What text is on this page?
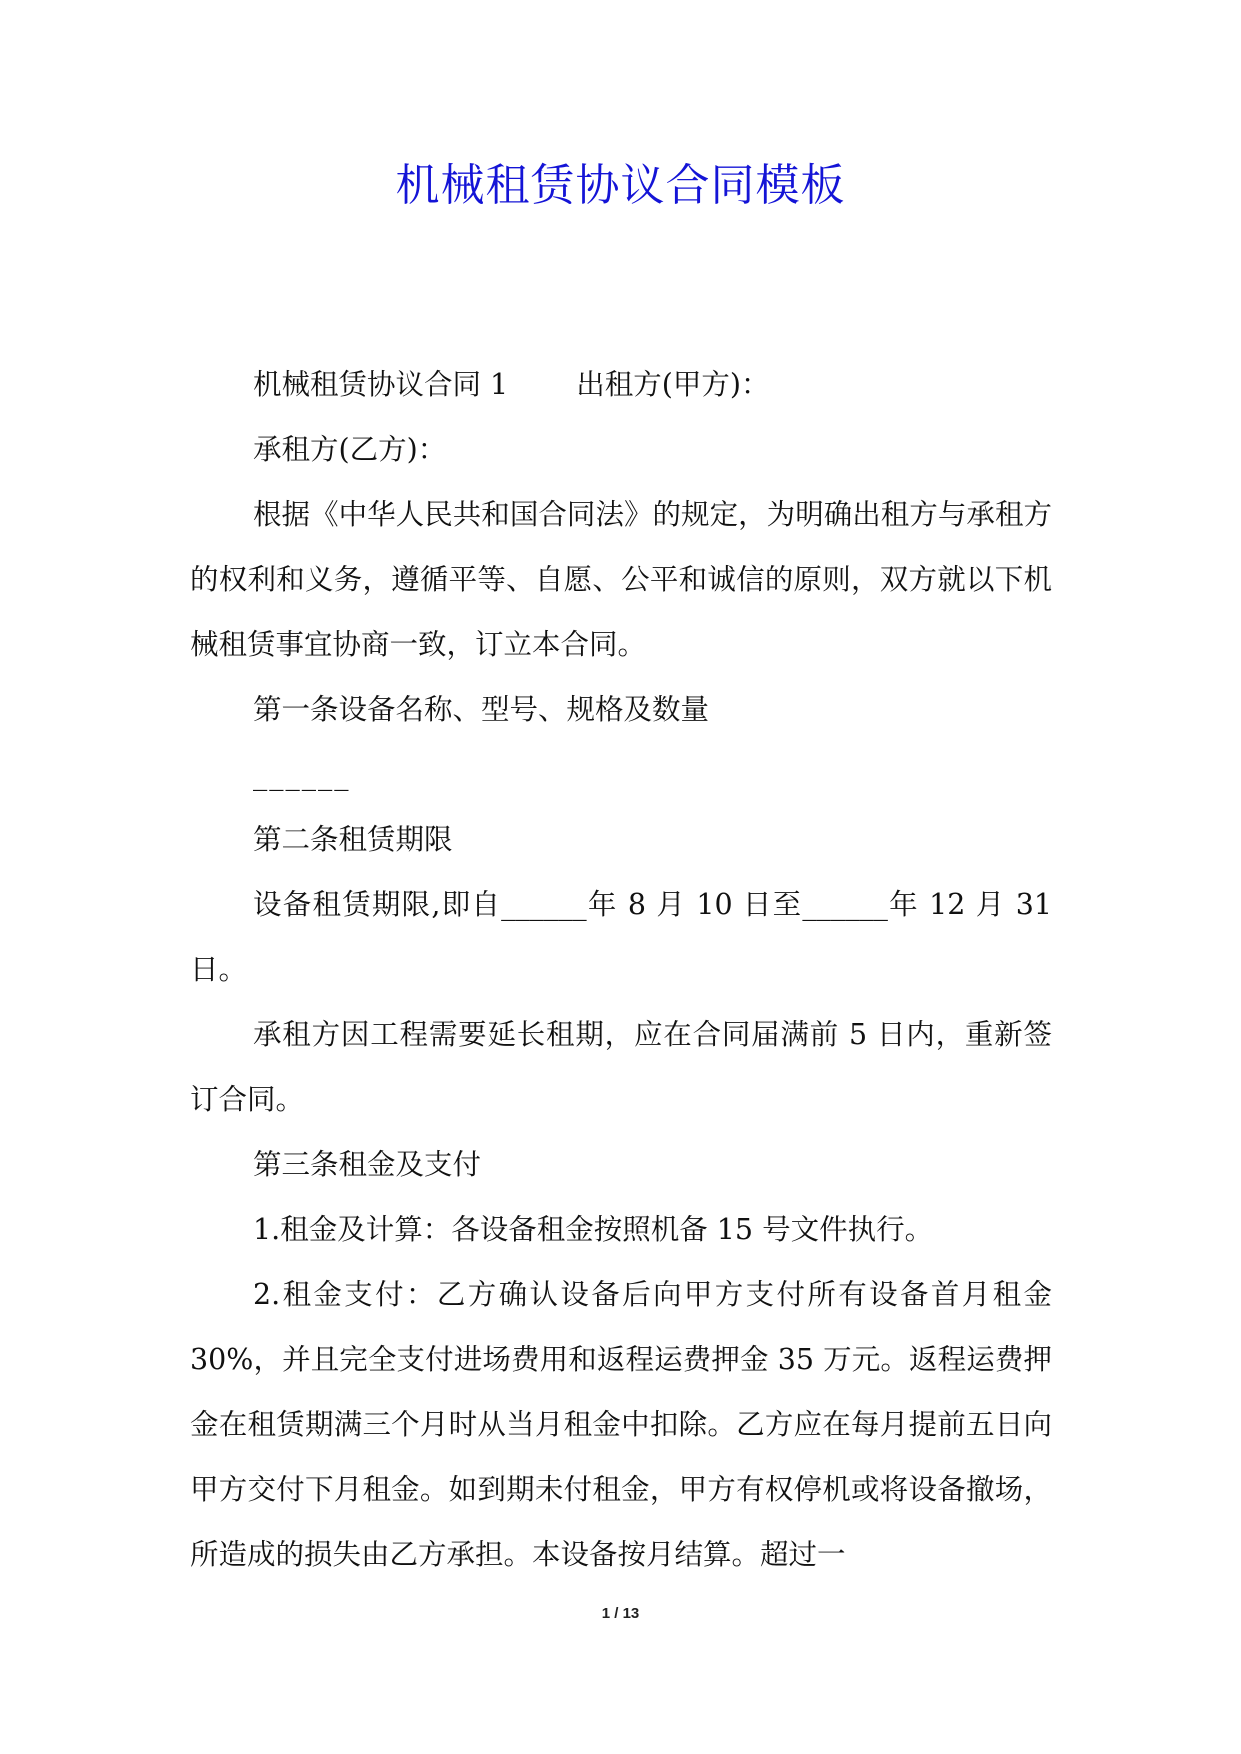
机械租赁协议合同模板

机械租赁协议合同 1 出租方(甲方)：

承租方(乙方)：

根据《中华人民共和国合同法》的规定，为明确出租方与承租方的权利和义务，遵循平等、自愿、公平和诚信的原则，双方就以下机械租赁事宜协商一致，订立本合同。

第一条设备名称、型号、规格及数量

______

第二条租赁期限

设备租赁期限,即自______年 8 月 10 日至______年 12 月 31 日。

承租方因工程需要延长租期，应在合同届满前 5 日内，重新签订合同。

第三条租金及支付

1.租金及计算：各设备租金按照机备 15 号文件执行。

2.租金支付：乙方确认设备后向甲方支付所有设备首月租金 30%，并且完全支付进场费用和返程运费押金 35 万元。返程运费押金在租赁期满三个月时从当月租金中扣除。乙方应在每月提前五日向甲方交付下月租金。如到期未付租金，甲方有权停机或将设备撤场，所造成的损失由乙方承担。本设备按月结算。超过一

1 / 13
